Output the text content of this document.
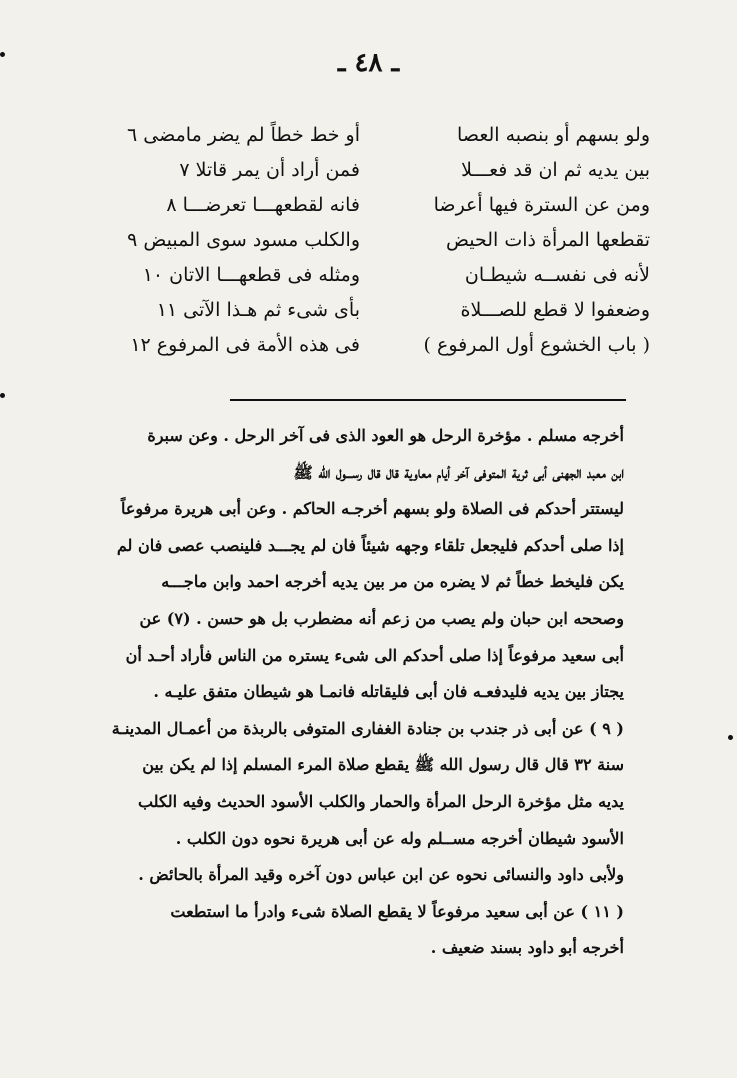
ـ ٤٨ ـ
ولو بسهم أو بنصبه العصا
أو خط خطاً لم يضر مامضى ٦
بين يديه ثم ان قد فعـــلا
فمن أراد أن يمر قاتلا ٧
ومن عن السترة فيها أعرضا
فانه لقطعهـــا تعرضـــا ٨
تقطعها المرأة ذات الحيض
والكلب مسود سوى المبيض ٩
لأنه فى نفســه شيطـان
ومثله فى قطعهـــا الاتان ١٠
وضعفوا لا قطع للصـــلاة
بأى شىء ثم هـذا الآتى ١١
( باب الخشوع أول المرفوع )
فى هذه الأمة فى المرفوع ١٢
أخرجه مسلم . مؤخرة الرحل هو العود الذى فى آخر الرحل . وعن سبرة
ابن معبد الجهنى أبى ثرية المتوفى آخر أيام معاوية قال قال رســـول الله ﷺ
ليستتر أحدكم فى الصلاة ولو بسهم أخرجـه الحاكم . وعن أبى هريرة مرفوعاً
إذا صلى أحدكم فليجعل تلقاء وجهه شيئاً فان لم يجـــد فلينصب عصى فان لم
يكن فليخط خطاً ثم لا يضره من مر بين يديه أخرجه احمد وابن ماجـــه
وصححه ابن حبان ولم يصب من زعم أنه مضطرب بل هو حسن . (٧) عن
أبى سعيد مرفوعاً إذا صلى أحدكم الى شىء يستره من الناس فأراد أحـد أن
يجتاز بين يديه فليدفعـه فان أبى فليقاتله فانمـا هو شيطان متفق عليـه .
( ٩ ) عن أبى ذر جندب بن جنادة الغفارى المتوفى بالربذة من أعمـال المدينـة
سنة ٣٢ قال قال رسول الله ﷺ يقطع صلاة المرء المسلم إذا لم يكن بين
يديه مثل مؤخرة الرحل المرأة والحمار والكلب الأسود الحديث وفيه الكلب
الأسود شيطان أخرجه مســلم وله عن أبى هريرة نحوه دون الكلب .
ولأبى داود والنسائى نحوه عن ابن عباس دون آخره وقيد المرأة بالحائض .
( ١١ ) عن أبى سعيد مرفوعاً لا يقطع الصلاة شىء وادرأ ما استطعت
أخرجه أبو داود بسند ضعيف .
